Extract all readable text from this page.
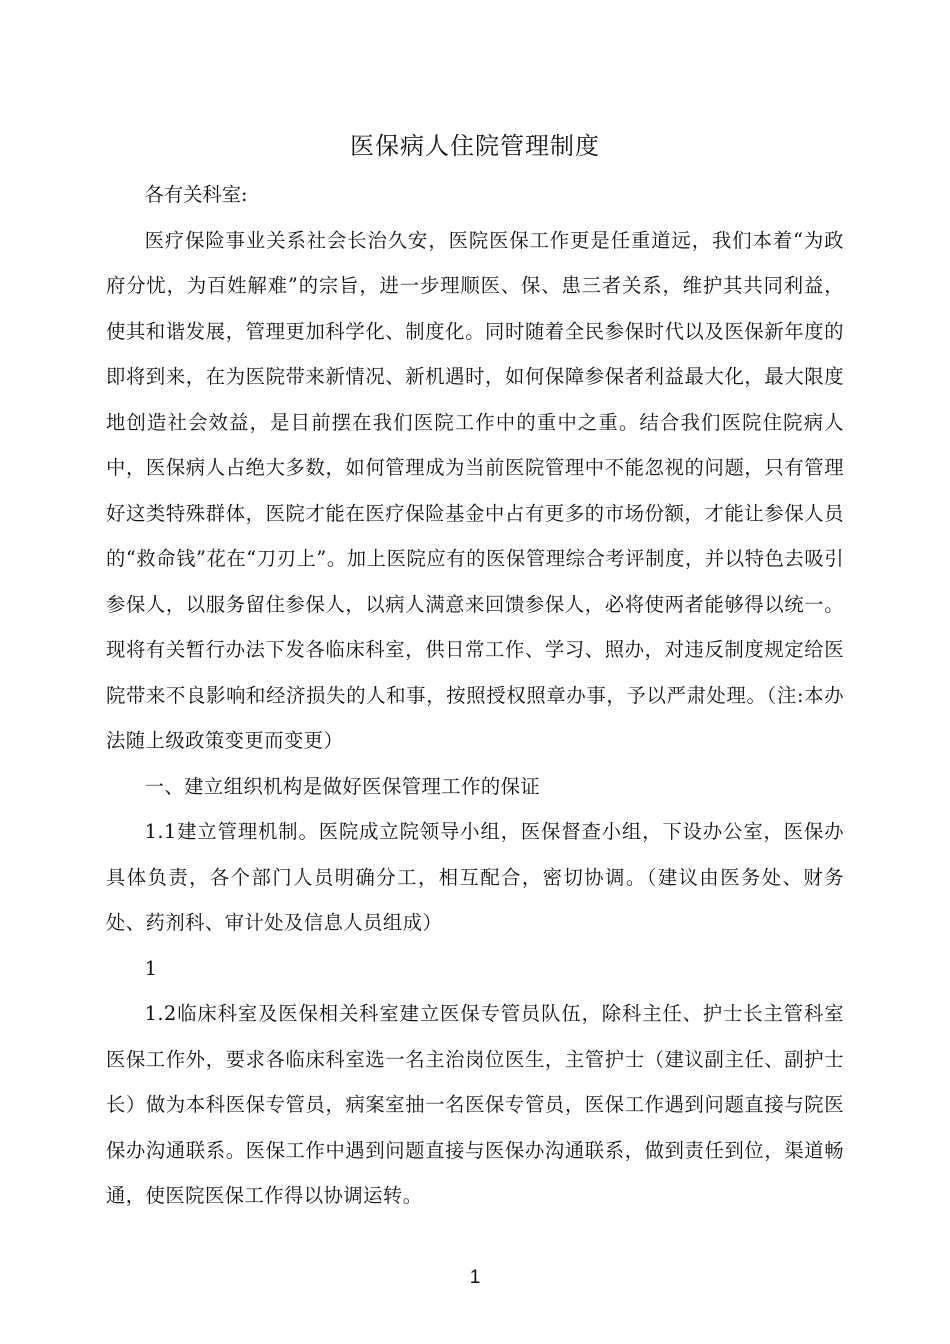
医保病人住院管理制度

各有关科室:

医疗保险事业关系社会长治久安，医院医保工作更是任重道远，我们本着“为政府分忧，为百姓解难”的宗旨，进一步理顺医、保、患三者关系，维护其共同利益，使其和谐发展，管理更加科学化、制度化。同时随着全民参保时代以及医保新年度的即将到来，在为医院带来新情况、新机遇时，如何保障参保者利益最大化，最大限度地创造社会效益，是目前摆在我们医院工作中的重中之重。结合我们医院住院病人中，医保病人占绝大多数，如何管理成为当前医院管理中不能忽视的问题，只有管理好这类特殊群体，医院才能在医疗保险基金中占有更多的市场份额，才能让参保人员的“救命钱”花在“刀刃上”。加上医院应有的医保管理综合考评制度，并以特色去吸引参保人，以服务留住参保人，以病人满意来回馈参保人，必将使两者能够得以统一。现将有关暂行办法下发各临床科室，供日常工作、学习、照办，对违反制度规定给医院带来不良影响和经济损失的人和事，按照授权照章办事，予以严肃处理。（注:本办法随上级政策变更而变更）

一、建立组织机构是做好医保管理工作的保证

1.1建立管理机制。医院成立院领导小组，医保督查小组，下设办公室，医保办具体负责，各个部门人员明确分工，相互配合，密切协调。（建议由医务处、财务处、药剂科、审计处及信息人员组成）

1

1.2临床科室及医保相关科室建立医保专管员队伍，除科主任、护士长主管科室医保工作外，要求各临床科室选一名主治岗位医生，主管护士（建议副主任、副护士长）做为本科医保专管员，病案室抽一名医保专管员，医保工作遇到问题直接与院医保办沟通联系。医保工作中遇到问题直接与医保办沟通联系，做到责任到位，渠道畅通，使医院医保工作得以协调运转。

1
